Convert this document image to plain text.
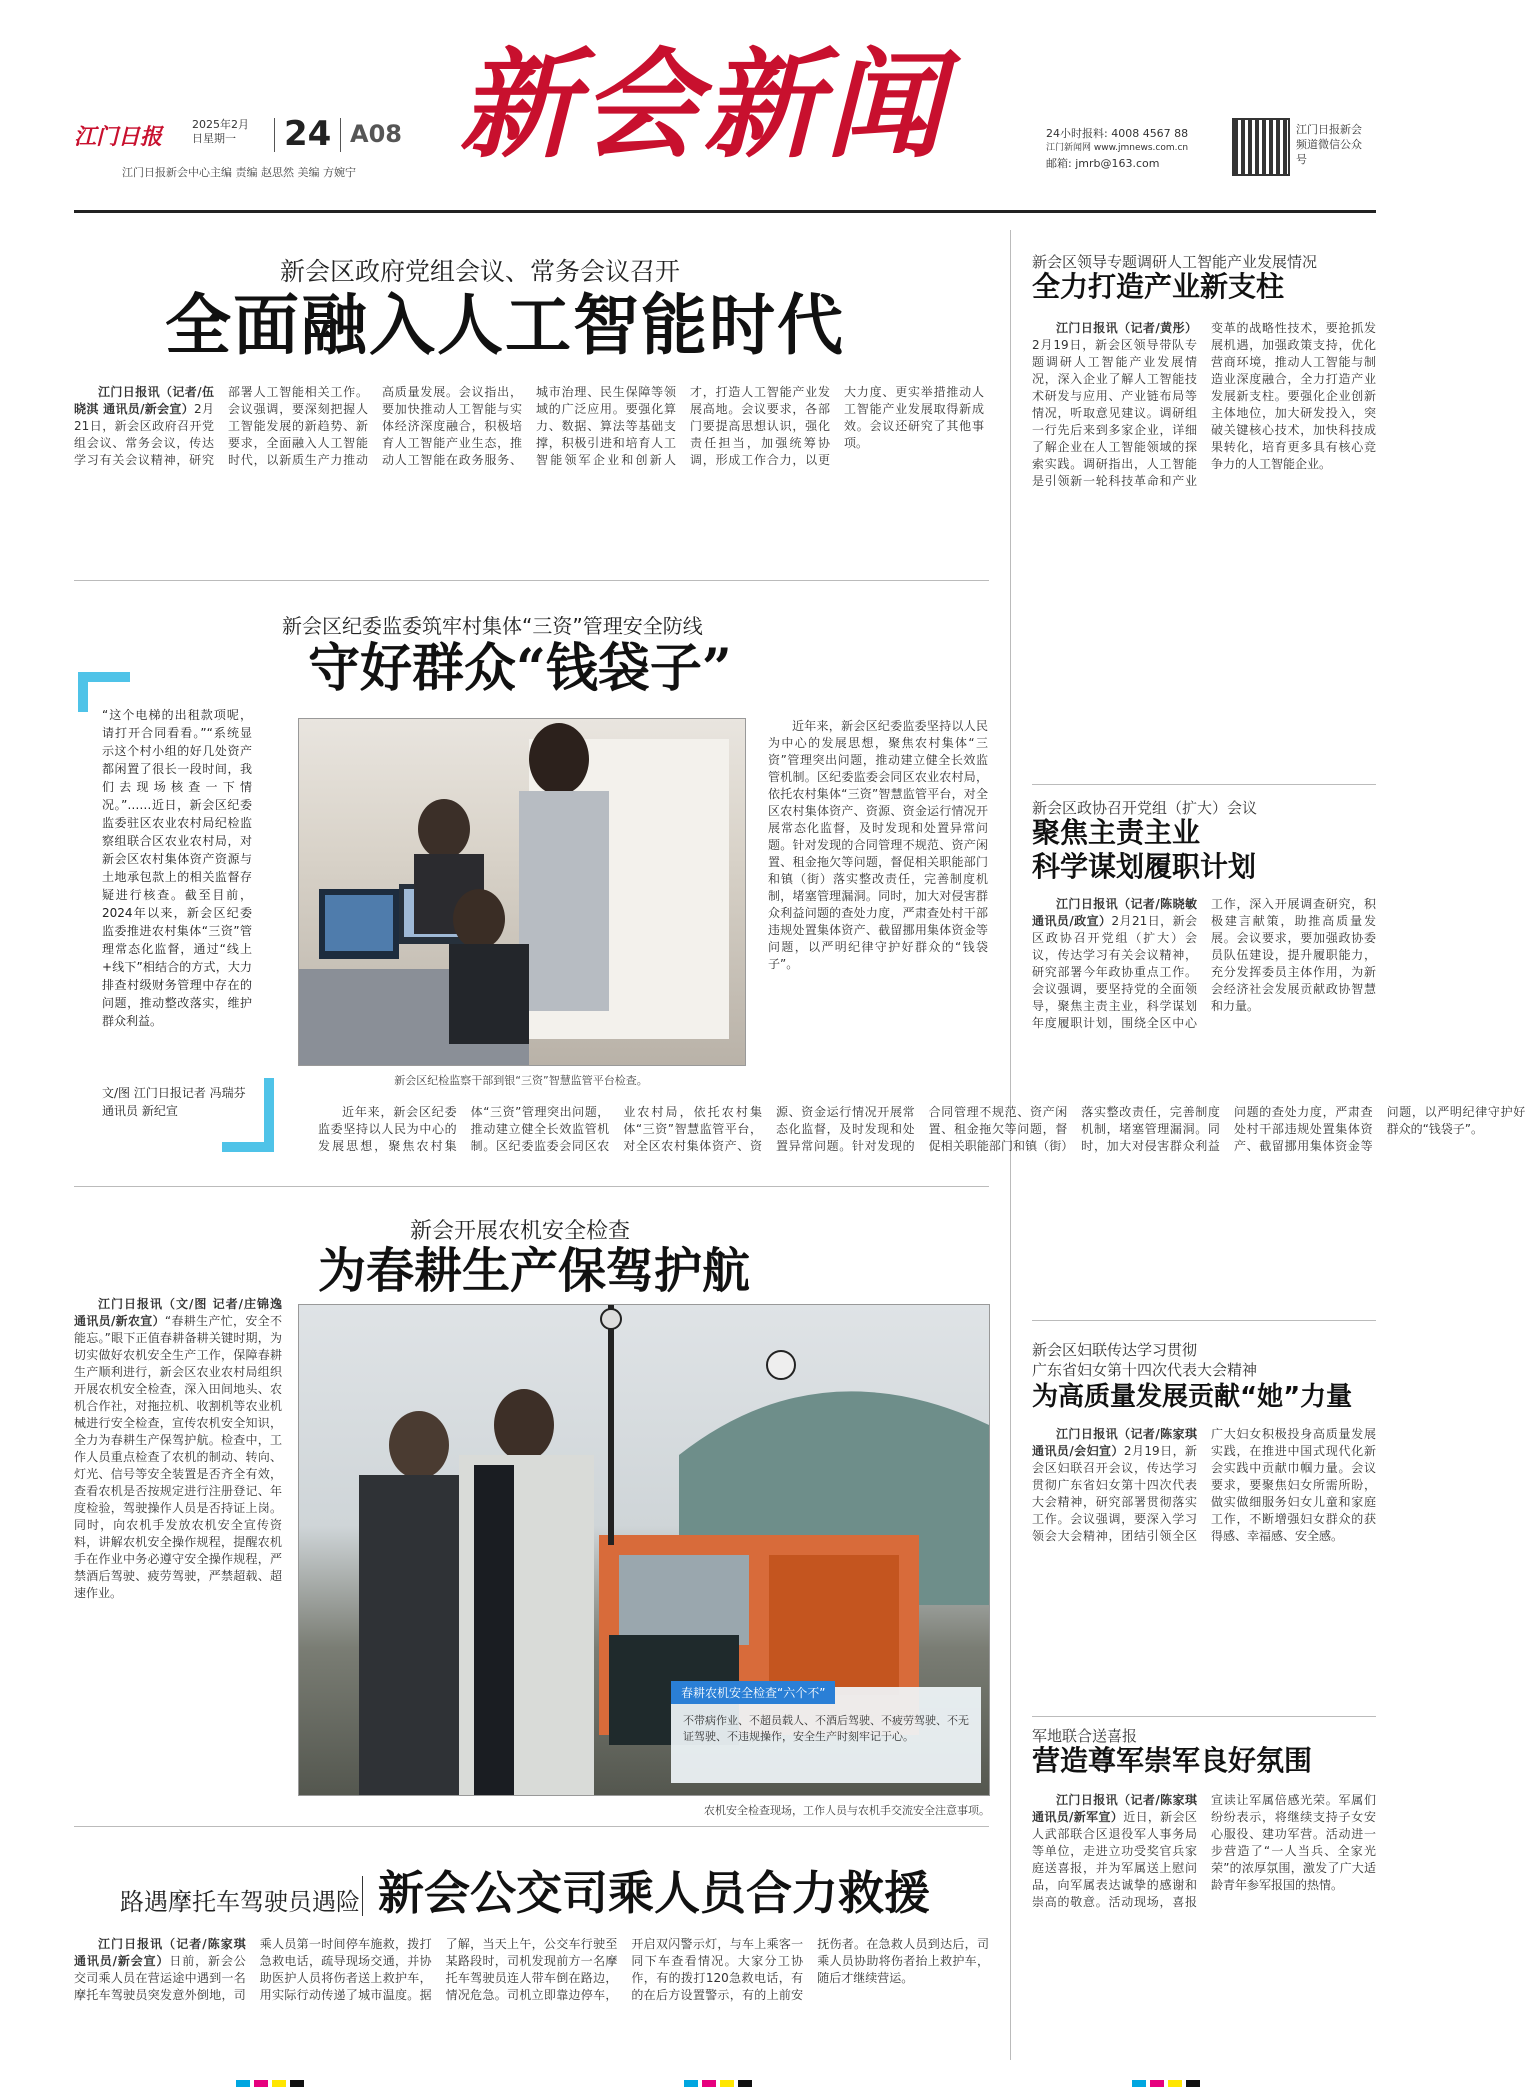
江门日报	2025年2月
日星期一	24 A08
江门日报新会中心主编 责编 赵思然 美编 方婉宁 新会新闻	24小时报料: 4008 4567 88
江门新闻网 www.jmnews.com.cn
邮箱: jmrb@163.com
江门日报新会频道微信公众号
新会区政府党组会议、常务会议召开
全面融入人工智能时代

江门日报讯（记者/伍晓淇 通讯员/新会宣）2月21日，新会区政府召开党组会议、常务会议，传达学习有关会议精神，研究部署人工智能相关工作。会议强调，要深刻把握人工智能发展的新趋势、新要求，全面融入人工智能时代，以新质生产力推动高质量发展。会议指出，要加快推动人工智能与实体经济深度融合，积极培育人工智能产业生态，推动人工智能在政务服务、城市治理、民生保障等领域的广泛应用。要强化算力、数据、算法等基础支撑，积极引进和培育人工智能领军企业和创新人才，打造人工智能产业发展高地。会议要求，各部门要提高思想认识，强化责任担当，加强统筹协调，形成工作合力，以更大力度、更实举措推动人工智能产业发展取得新成效。会议还研究了其他事项。

新会区纪委监委筑牢村集体“三资”管理安全防线
守好群众“钱袋子”
“这个电梯的出租款项呢，请打开合同看看。”“系统显示这个村小组的好几处资产都闲置了很长一段时间，我们去现场核查一下情况。”……近日，新会区纪委监委驻区农业农村局纪检监察组联合区农业农村局，对新会区农村集体资产资源与土地承包款上的相关监督存疑进行核查。截至目前，2024年以来，新会区纪委监委推进农村集体“三资”管理常态化监督，通过“线上+线下”相结合的方式，大力排查村级财务管理中存在的问题，推动整改落实，维护群众利益。
文/图 江门日报记者 冯瑞芬 通讯员 新纪宣
新会区纪检监察干部到银“三资”智慧监管平台检查。

近年来，新会区纪委监委坚持以人民为中心的发展思想，聚焦农村集体“三资”管理突出问题，推动建立健全长效监管机制。区纪委监委会同区农业农村局，依托农村集体“三资”智慧监管平台，对全区农村集体资产、资源、资金运行情况开展常态化监督，及时发现和处置异常问题。针对发现的合同管理不规范、资产闲置、租金拖欠等问题，督促相关职能部门和镇（街）落实整改责任，完善制度机制，堵塞管理漏洞。同时，加大对侵害群众利益问题的查处力度，严肃查处村干部违规处置集体资产、截留挪用集体资金等问题，以严明纪律守护好群众的“钱袋子”。

近年来，新会区纪委监委坚持以人民为中心的发展思想，聚焦农村集体“三资”管理突出问题，推动建立健全长效监管机制。区纪委监委会同区农业农村局，依托农村集体“三资”智慧监管平台，对全区农村集体资产、资源、资金运行情况开展常态化监督，及时发现和处置异常问题。针对发现的合同管理不规范、资产闲置、租金拖欠等问题，督促相关职能部门和镇（街）落实整改责任，完善制度机制，堵塞管理漏洞。同时，加大对侵害群众利益问题的查处力度，严肃查处村干部违规处置集体资产、截留挪用集体资金等问题，以严明纪律守护好群众的“钱袋子”。

新会开展农机安全检查
为春耕生产保驾护航

江门日报讯（文/图 记者/庄锦逸 通讯员/新农宣）“春耕生产忙，安全不能忘。”眼下正值春耕备耕关键时期，为切实做好农机安全生产工作，保障春耕生产顺利进行，新会区农业农村局组织开展农机安全检查，深入田间地头、农机合作社，对拖拉机、收割机等农业机械进行安全检查，宣传农机安全知识，全力为春耕生产保驾护航。检查中，工作人员重点检查了农机的制动、转向、灯光、信号等安全装置是否齐全有效，查看农机是否按规定进行注册登记、年度检验，驾驶操作人员是否持证上岗。同时，向农机手发放农机安全宣传资料，讲解农机安全操作规程，提醒农机手在作业中务必遵守安全操作规程，严禁酒后驾驶、疲劳驾驶，严禁超载、超速作业。

春耕农机安全检查“六个不”
不带病作业、不超员载人、不酒后驾驶、不疲劳驾驶、不无证驾驶、不违规操作，安全生产时刻牢记于心。
农机安全检查现场，工作人员与农机手交流安全注意事项。
路遇摩托车驾驶员遇险 新会公交司乘人员合力救援

江门日报讯（记者/陈家琪 通讯员/新会宣）日前，新会公交司乘人员在营运途中遇到一名摩托车驾驶员突发意外倒地，司乘人员第一时间停车施救，拨打急救电话，疏导现场交通，并协助医护人员将伤者送上救护车，用实际行动传递了城市温度。据了解，当天上午，公交车行驶至某路段时，司机发现前方一名摩托车驾驶员连人带车倒在路边，情况危急。司机立即靠边停车，开启双闪警示灯，与车上乘客一同下车查看情况。大家分工协作，有的拨打120急救电话，有的在后方设置警示，有的上前安抚伤者。在急救人员到达后，司乘人员协助将伤者抬上救护车，随后才继续营运。

新会区领导专题调研人工智能产业发展情况
全力打造产业新支柱

江门日报讯（记者/黄彤）2月19日，新会区领导带队专题调研人工智能产业发展情况，深入企业了解人工智能技术研发与应用、产业链布局等情况，听取意见建议。调研组一行先后来到多家企业，详细了解企业在人工智能领域的探索实践。调研指出，人工智能是引领新一轮科技革命和产业变革的战略性技术，要抢抓发展机遇，加强政策支持，优化营商环境，推动人工智能与制造业深度融合，全力打造产业发展新支柱。要强化企业创新主体地位，加大研发投入，突破关键核心技术，加快科技成果转化，培育更多具有核心竞争力的人工智能企业。

新会区政协召开党组（扩大）会议
聚焦主责主业
科学谋划履职计划

江门日报讯（记者/陈晓敏 通讯员/政宣）2月21日，新会区政协召开党组（扩大）会议，传达学习有关会议精神，研究部署今年政协重点工作。会议强调，要坚持党的全面领导，聚焦主责主业，科学谋划年度履职计划，围绕全区中心工作，深入开展调查研究，积极建言献策，助推高质量发展。会议要求，要加强政协委员队伍建设，提升履职能力，充分发挥委员主体作用，为新会经济社会发展贡献政协智慧和力量。

新会区妇联传达学习贯彻
广东省妇女第十四次代表大会精神
为高质量发展贡献“她”力量

江门日报讯（记者/陈家琪 通讯员/会妇宣）2月19日，新会区妇联召开会议，传达学习贯彻广东省妇女第十四次代表大会精神，研究部署贯彻落实工作。会议强调，要深入学习领会大会精神，团结引领全区广大妇女积极投身高质量发展实践，在推进中国式现代化新会实践中贡献巾帼力量。会议要求，要聚焦妇女所需所盼，做实做细服务妇女儿童和家庭工作，不断增强妇女群众的获得感、幸福感、安全感。

军地联合送喜报
营造尊军崇军良好氛围

江门日报讯（记者/陈家琪 通讯员/新军宣）近日，新会区人武部联合区退役军人事务局等单位，走进立功受奖官兵家庭送喜报，并为军属送上慰问品，向军属表达诚挚的感谢和崇高的敬意。活动现场，喜报宣读让军属倍感光荣。军属们纷纷表示，将继续支持子女安心服役、建功军营。活动进一步营造了“一人当兵、全家光荣”的浓厚氛围，激发了广大适龄青年参军报国的热情。
